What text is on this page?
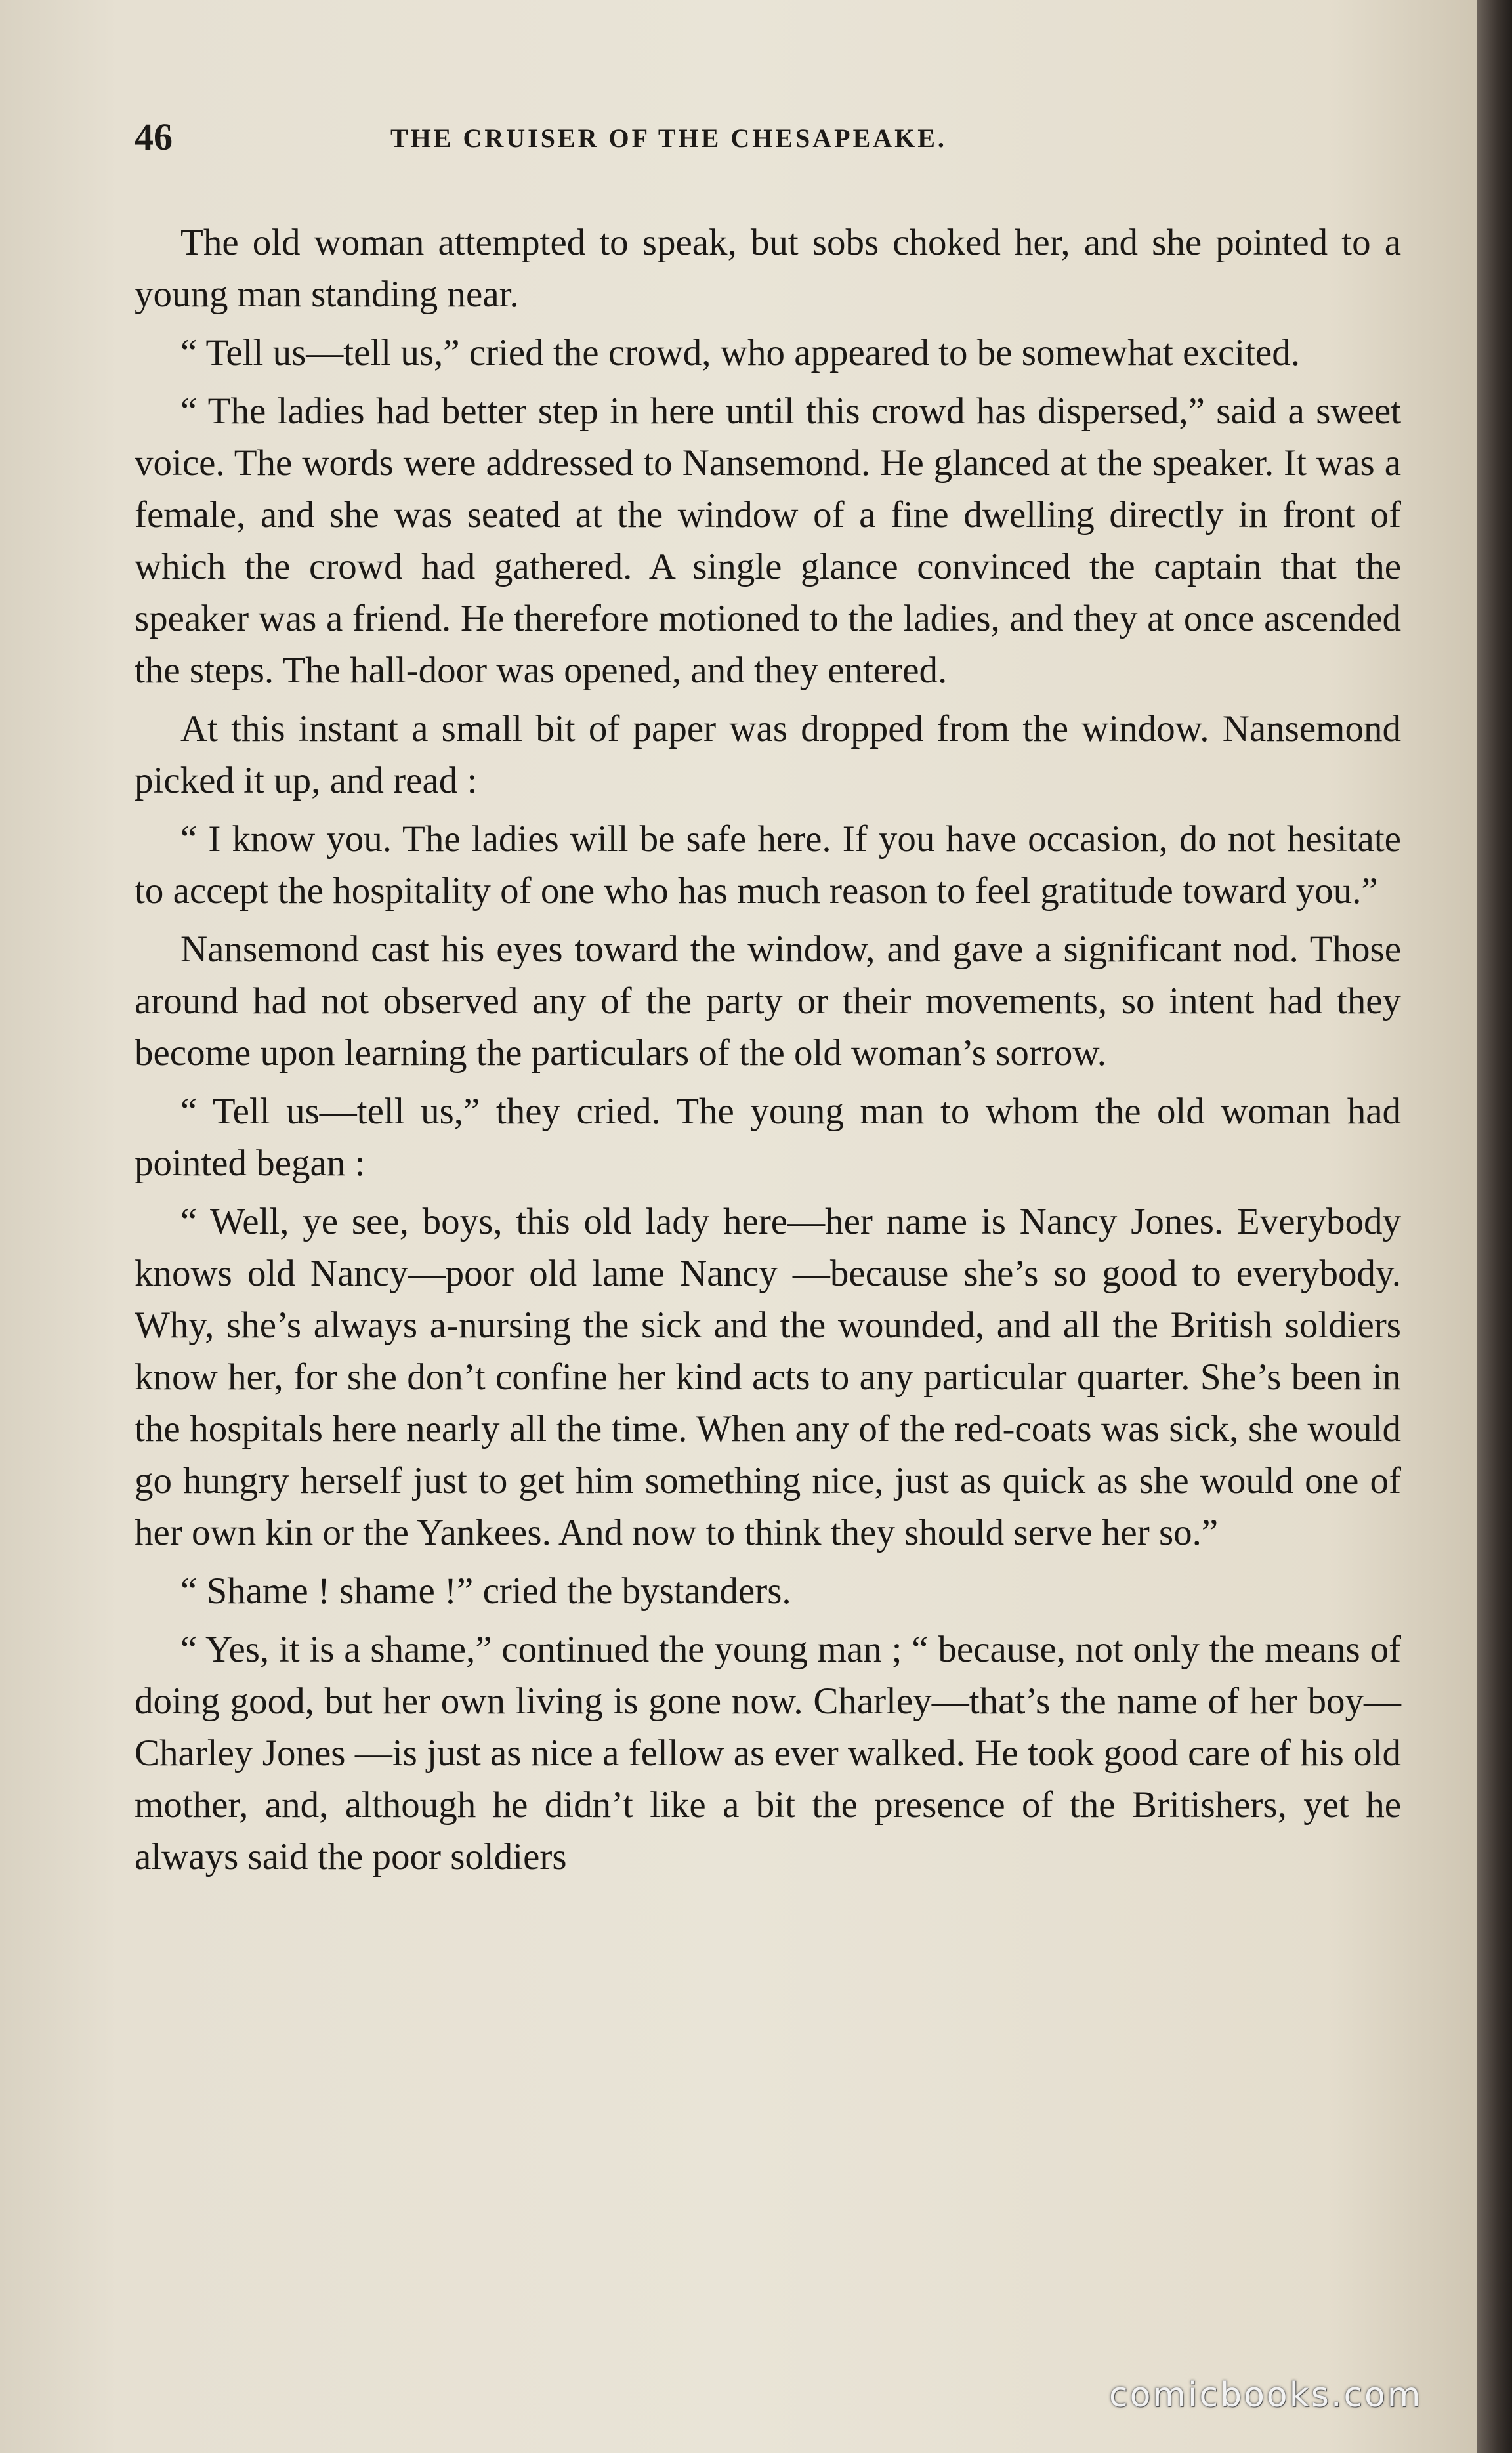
46	THE CRUISER OF THE CHESAPEAKE.

The old woman attempted to speak, but sobs choked her, and she pointed to a young man standing near.

“ Tell us—tell us,” cried the crowd, who appeared to be somewhat excited.

“ The ladies had better step in here until this crowd has dispersed,” said a sweet voice. The words were addressed to Nansemond. He glanced at the speaker. It was a female, and she was seated at the window of a fine dwelling directly in front of which the crowd had gathered. A single glance convinced the captain that the speaker was a friend. He therefore motioned to the ladies, and they at once ascended the steps. The hall-door was opened, and they entered.

At this instant a small bit of paper was dropped from the window. Nansemond picked it up, and read :

“ I know you. The ladies will be safe here. If you have occasion, do not hesitate to accept the hospitality of one who has much reason to feel gratitude toward you.”

Nansemond cast his eyes toward the window, and gave a significant nod. Those around had not observed any of the party or their movements, so intent had they become upon learning the particulars of the old woman’s sorrow.

“ Tell us—tell us,” they cried. The young man to whom the old woman had pointed began :

“ Well, ye see, boys, this old lady here—her name is Nancy Jones. Everybody knows old Nancy—poor old lame Nancy —because she’s so good to everybody. Why, she’s always a-nursing the sick and the wounded, and all the British soldiers know her, for she don’t confine her kind acts to any particular quarter. She’s been in the hospitals here nearly all the time. When any of the red-coats was sick, she would go hungry herself just to get him something nice, just as quick as she would one of her own kin or the Yankees. And now to think they should serve her so.”

“ Shame ! shame !” cried the bystanders.

“ Yes, it is a shame,” continued the young man ; “ because, not only the means of doing good, but her own living is gone now. Charley—that’s the name of her boy—Charley Jones —is just as nice a fellow as ever walked. He took good care of his old mother, and, although he didn’t like a bit the presence of the Britishers, yet he always said the poor soldiers

comicbooks.com
